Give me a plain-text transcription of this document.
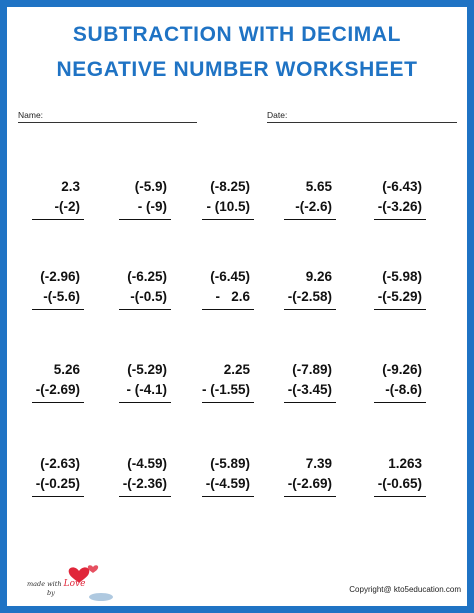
SUBTRACTION WITH DECIMAL
NEGATIVE NUMBER WORKSHEET
Name:	Date:
2.3
-(-2)
(-5.9)
- (-9)
(-8.25)
- (10.5)
5.65
-(-2.6)
(-6.43)
-(-3.26)
(-2.96)
-(-5.6)
(-6.25)
-(-0.5)
(-6.45)
-   2.6
9.26
-(-2.58)
(-5.98)
-(-5.29)
5.26
-(-2.69)
(-5.29)
- (-4.1)
2.25
- (-1.55)
(-7.89)
-(-3.45)
(-9.26)
-(-8.6)
(-2.63)
-(-0.25)
(-4.59)
-(-2.36)
(-5.89)
-(-4.59)
7.39
-(-2.69)
1.263
-(-0.65)
made with Love
by	Copyright@ kto5education.com
